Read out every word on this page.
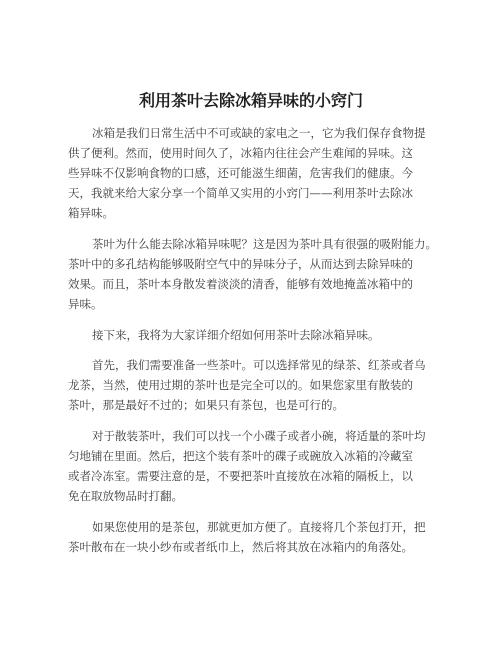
利用茶叶去除冰箱异味的小窍门
冰箱是我们日常生活中不可或缺的家电之一，它为我们保存食物提
供了便利。然而，使用时间久了，冰箱内往往会产生难闻的异味。这
些异味不仅影响食物的口感，还可能滋生细菌，危害我们的健康。今
天，我就来给大家分享一个简单又实用的小窍门——利用茶叶去除冰
箱异味。
茶叶为什么能去除冰箱异味呢？这是因为茶叶具有很强的吸附能力。
茶叶中的多孔结构能够吸附空气中的异味分子，从而达到去除异味的
效果。而且，茶叶本身散发着淡淡的清香，能够有效地掩盖冰箱中的
异味。
接下来，我将为大家详细介绍如何用茶叶去除冰箱异味。
首先，我们需要准备一些茶叶。可以选择常见的绿茶、红茶或者乌
龙茶，当然，使用过期的茶叶也是完全可以的。如果您家里有散装的
茶叶，那是最好不过的；如果只有茶包，也是可行的。
对于散装茶叶，我们可以找一个小碟子或者小碗，将适量的茶叶均
匀地铺在里面。然后，把这个装有茶叶的碟子或碗放入冰箱的冷藏室
或者冷冻室。需要注意的是，不要把茶叶直接放在冰箱的隔板上，以
免在取放物品时打翻。
如果您使用的是茶包，那就更加方便了。直接将几个茶包打开，把
茶叶散布在一块小纱布或者纸巾上，然后将其放在冰箱内的角落处。
